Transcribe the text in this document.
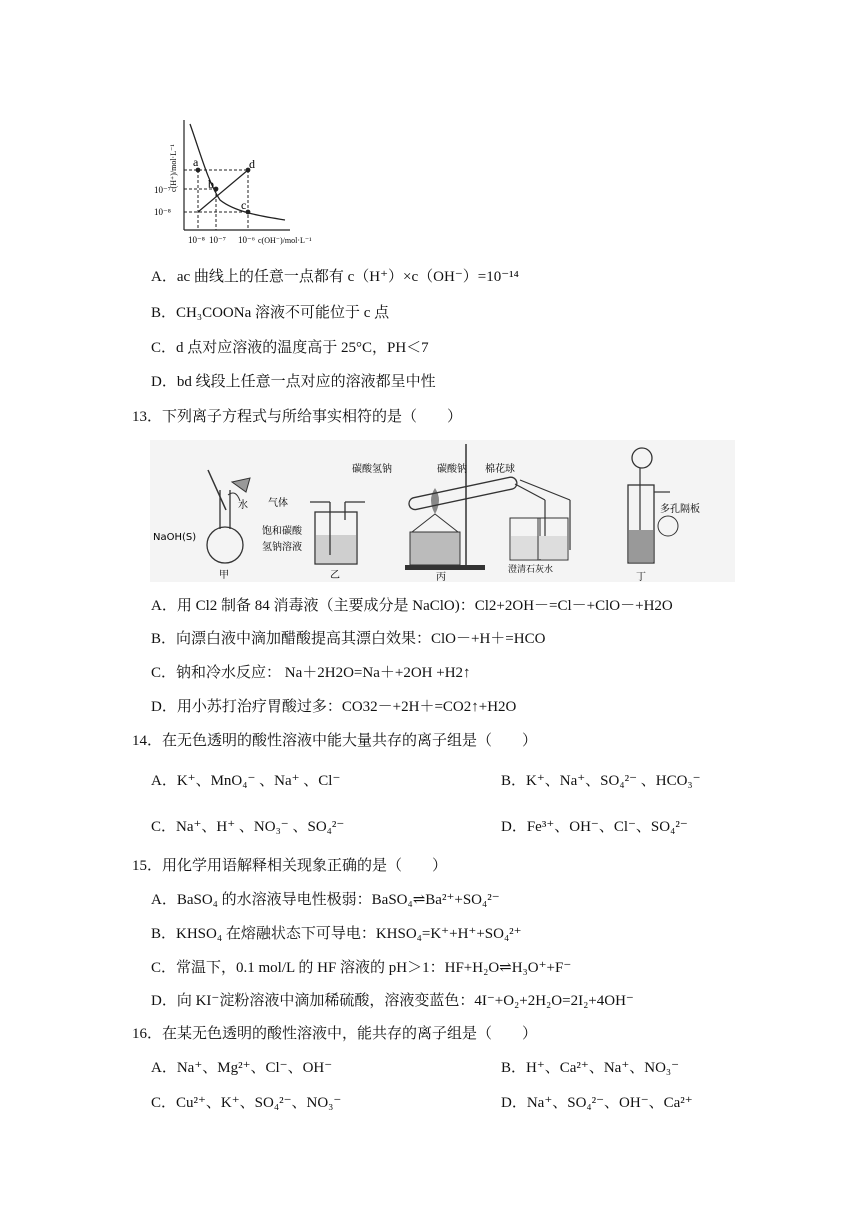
a
b
c
d
10⁻⁷
10⁻⁸
10⁻⁸ 10⁻⁷ 10⁻⁶ c(OH⁻)/mol·L⁻¹
c(H⁺)/mol·L⁻¹
A．ac 曲线上的任意一点都有 c（H⁺）×c（OH⁻）=10⁻¹⁴
B．CH₃COONa 溶液不可能位于 c 点
C．d 点对应溶液的温度高于 25°C，PH＜7
D．bd 线段上任意一点对应的溶液都呈中性
13．下列离子方程式与所给事实相符的是（　　）
水
NaOH(S)
甲
气体
饱和碳酸
氢钠溶液
乙
碳酸氢钠	碳酸钠 棉花球
澄清石灰水
丙
多孔隔板
丁
A．用 Cl2 制备 84 消毒液（主要成分是 NaClO)：Cl2+2OH－=Cl－+ClO－+H2O
B．向漂白液中滴加醋酸提高其漂白效果：ClO－+H＋=HCO
C．钠和冷水反应： Na＋2H2O=Na＋+2OH +H2↑
D．用小苏打治疗胃酸过多：CO32－+2H＋=CO2↑+H2O
14．在无色透明的酸性溶液中能大量共存的离子组是（　　）
A．K⁺、MnO₄⁻ 、Na⁺ 、Cl⁻	B．K⁺、Na⁺、SO₄²⁻ 、HCO₃⁻
C．Na⁺、H⁺ 、NO₃⁻ 、SO₄²⁻	D．Fe³⁺、OH⁻、Cl⁻、SO₄²⁻
15．用化学用语解释相关现象正确的是（　　）
A．BaSO₄ 的水溶液导电性极弱：BaSO₄⇌Ba²⁺+SO₄²⁻
B．KHSO₄ 在熔融状态下可导电：KHSO₄=K⁺+H⁺+SO₄²⁺
C．常温下，0.1 mol/L 的 HF 溶液的 pH＞1：HF+H₂O⇌H₃O⁺+F⁻
D．向 KI⁻淀粉溶液中滴加稀硫酸，溶液变蓝色：4I⁻+O₂+2H₂O=2I₂+4OH⁻
16．在某无色透明的酸性溶液中，能共存的离子组是（　　）
A．Na⁺、Mg²⁺、Cl⁻、OH⁻	B．H⁺、Ca²⁺、Na⁺、NO₃⁻
C．Cu²⁺、K⁺、SO₄²⁻、NO₃⁻	D．Na⁺、SO₄²⁻、OH⁻、Ca²⁺
